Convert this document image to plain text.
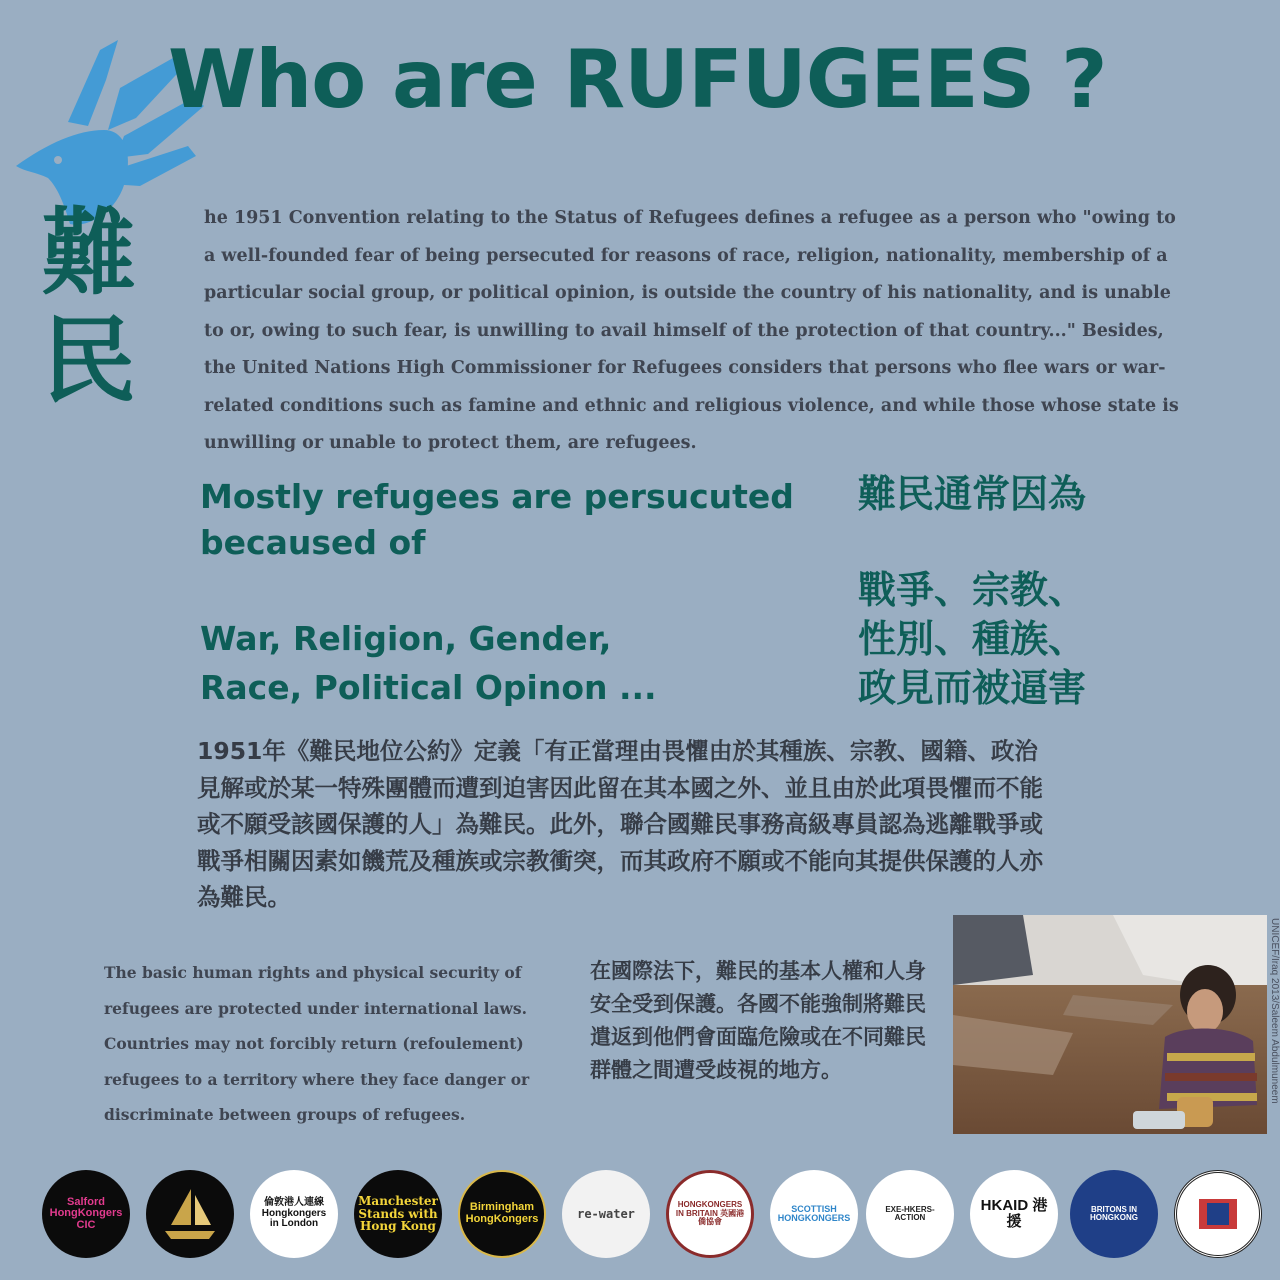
Who are RUFUGEES ?
難
民

he 1951 Convention relating to the Status of Refugees defines a refugee as a person who "owing to a well-founded fear of being persecuted for reasons of race, religion, nationality, membership of a particular social group, or political opinion, is outside the country of his nationality, and is unable to or, owing to such fear, is unwilling to avail himself of the protection of that country..." Besides, the United Nations High Commissioner for Refugees considers that persons who flee wars or war-related conditions such as famine and ethnic and religious violence, and while those whose state is unwilling or unable to protect them, are refugees.

Mostly refugees are persucuted
becaused of
War, Religion, Gender,
Race, Political Opinon ...
難民通常因為
戰爭、宗教、
性別、種族、
政見而被逼害

1951年《難民地位公約》定義「有正當理由畏懼由於其種族、宗教、國籍、政治見解或於某一特殊團體而遭到迫害因此留在其本國之外、並且由於此項畏懼而不能或不願受該國保護的人」為難民。此外，聯合國難民事務高級專員認為逃離戰爭或戰爭相關因素如饑荒及種族或宗教衝突，而其政府不願或不能向其提供保護的人亦為難民。

The basic human rights and physical security of refugees are protected under international laws. Countries may not forcibly return (refoulement) refugees to a territory where they face danger or discriminate between groups of refugees.

在國際法下，難民的基本人權和人身安全受到保護。各國不能強制將難民遣返到他們會面臨危險或在不同難民群體之間遭受歧視的地方。	UNICEF/Iraq 2013/Saleem Abdulmuneem
Salford HongKongers CIC
倫敦港人連線 Hongkongers in London
Manchester Stands with Hong Kong
Birmingham HongKongers	re-water
HONGKONGERS IN BRITAIN 英國港僑協會
SCOTTISH HONGKONGERS
EXE-HKERS-ACTION
HKAID 港援
BRITONS IN HONGKONG
